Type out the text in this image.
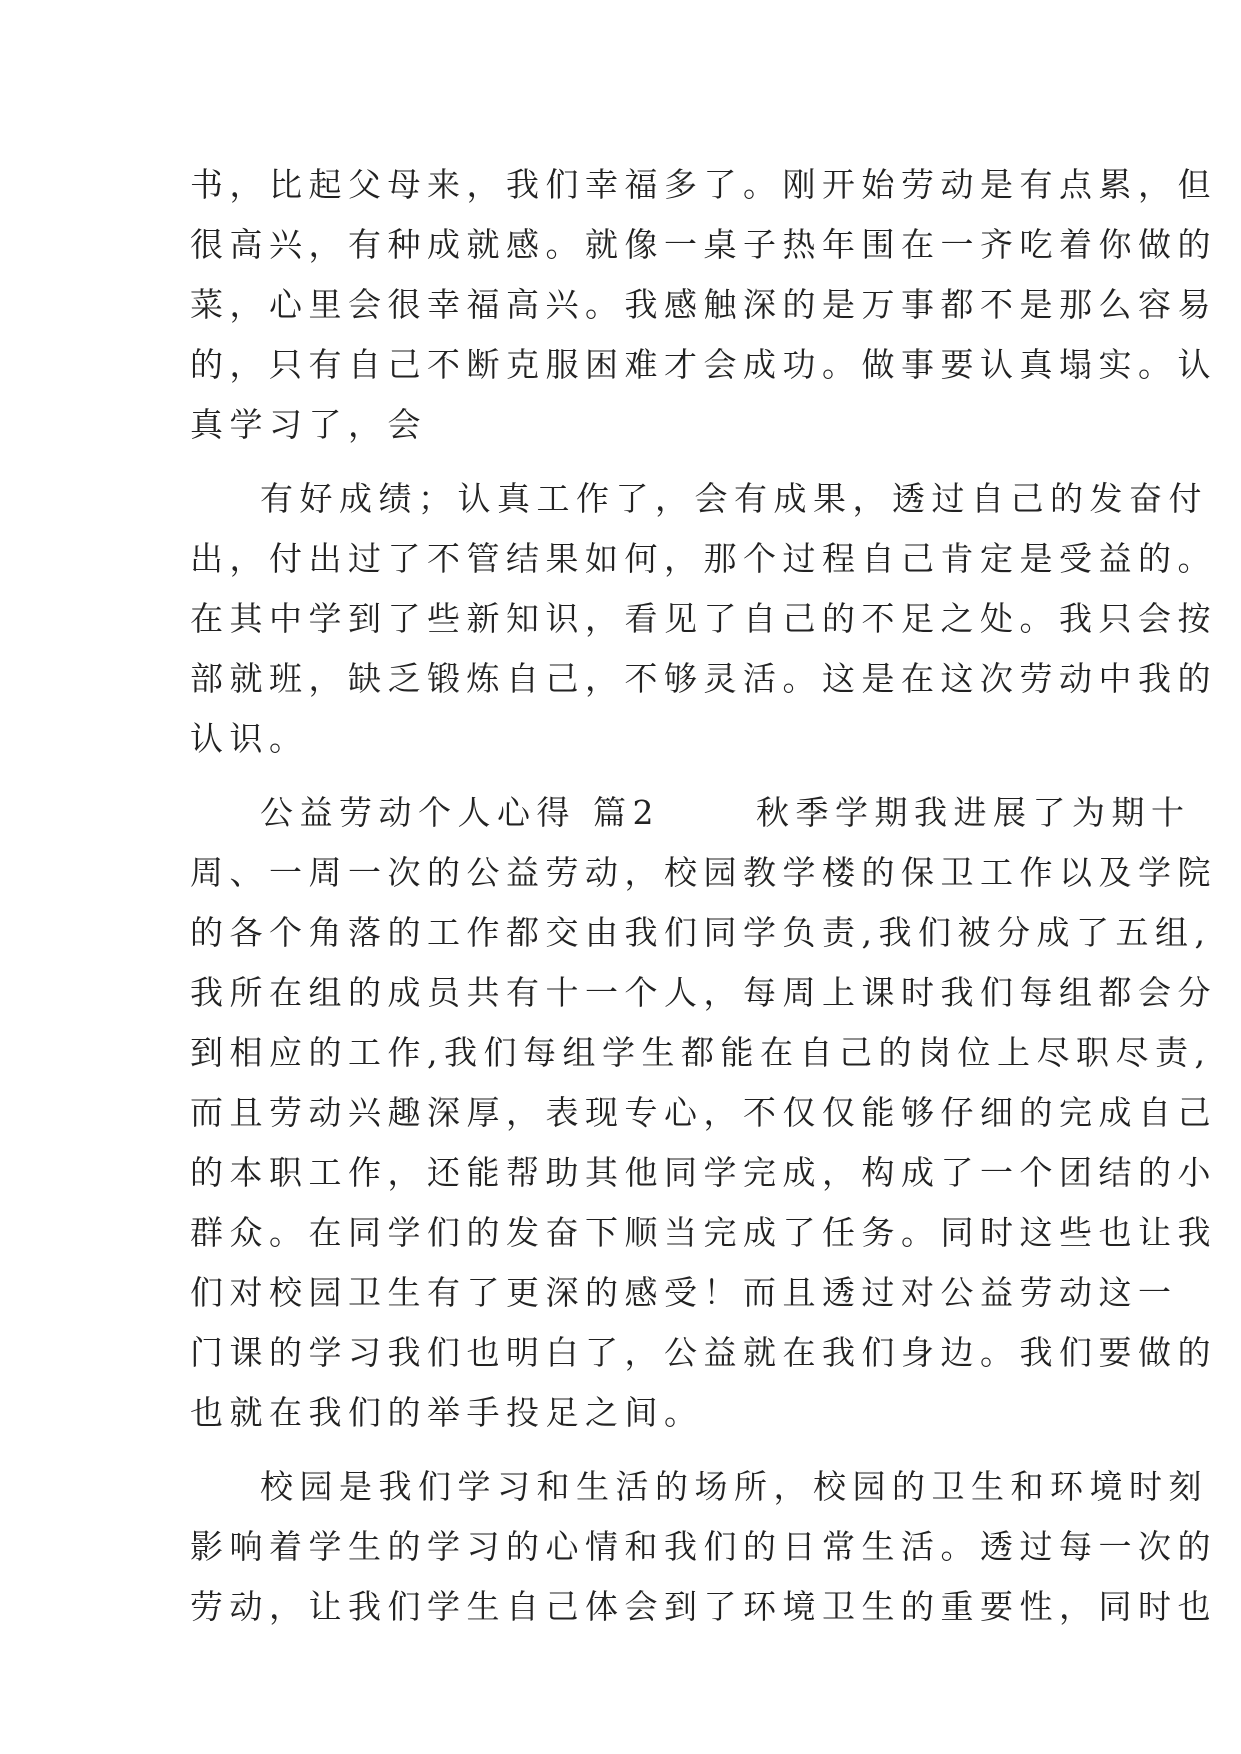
书，比起父母来，我们幸福多了。刚开始劳动是有点累，但
很高兴，有种成就感。就像一桌子热年围在一齐吃着你做的
菜，心里会很幸福高兴。我感触深的是万事都不是那么容易
的，只有自己不断克服困难才会成功。做事要认真塌实。认
真学习了，会
有好成绩；认真工作了，会有成果，透过自己的发奋付
出，付出过了不管结果如何，那个过程自己肯定是受益的。
在其中学到了些新知识，看见了自己的不足之处。我只会按
部就班，缺乏锻炼自己，不够灵活。这是在这次劳动中我的
认识。
公益劳动个人心得 篇2　　 秋季学期我进展了为期十
周、一周一次的公益劳动，校园教学楼的保卫工作以及学院
的各个角落的工作都交由我们同学负责,我们被分成了五组,
我所在组的成员共有十一个人，每周上课时我们每组都会分
到相应的工作,我们每组学生都能在自己的岗位上尽职尽责,
而且劳动兴趣深厚，表现专心，不仅仅能够仔细的完成自己
的本职工作，还能帮助其他同学完成，构成了一个团结的小
群众。在同学们的发奋下顺当完成了任务。同时这些也让我
们对校园卫生有了更深的感受！而且透过对公益劳动这一
门课的学习我们也明白了，公益就在我们身边。我们要做的
也就在我们的举手投足之间。
校园是我们学习和生活的场所，校园的卫生和环境时刻
影响着学生的学习的心情和我们的日常生活。透过每一次的
劳动，让我们学生自己体会到了环境卫生的重要性，同时也
